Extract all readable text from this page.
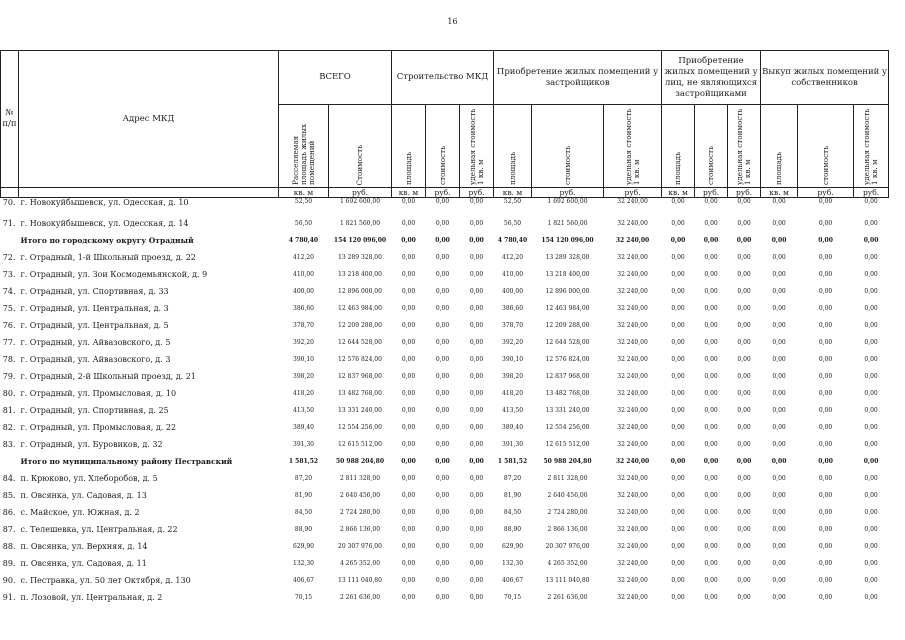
16
№
п/п	Адрес МКД	ВСЕГО		Строительство МКД			Приобретение жилых помещений у застройщиков			Приобретение жилых помещений у лиц, не являющихся застройщиками			Выкуп жилых помещений у собственников		

		Расселяемая площадь жилых помещений	Стоимость	площадь	стоимость	удельная стоимость 1 кв. м	площадь	стоимость	удельная стоимость 1 кв. м	площадь	стоимость	удельная стоимость 1 кв. м	площадь	стоимость	удельная стоимость 1 кв. м

		кв. м	руб.	кв. м	руб.	руб.	кв. м	руб.	руб.	кв. м	руб.	руб.	кв. м	руб.	руб.
70.	г. Новокуйбышевск, ул. Одесская, д. 10	52,50	1 692 600,00	0,00	0,00	0,00	52,50	1 692 600,00	32 240,00	0,00	0,00	0,00	0,00	0,00	0,00
71.	г. Новокуйбышевск, ул. Одесская, д. 14	56,50	1 821 560,00	0,00	0,00	0,00	56,50	1 821 560,00	32 240,00	0,00	0,00	0,00	0,00	0,00	0,00
	Итого по городскому округу Отрадный	4 780,40	154 120 096,00	0,00	0,00	0,00	4 780,40	154 120 096,00	32 240,00	0,00	0,00	0,00	0,00	0,00	0,00
72.	г. Отрадный, 1-й Школьный проезд, д. 22	412,20	13 289 328,00	0,00	0,00	0,00	412,20	13 289 328,00	32 240,00	0,00	0,00	0,00	0,00	0,00	0,00
73.	г. Отрадный, ул. Зои Космодемьянской, д. 9	410,00	13 218 400,00	0,00	0,00	0,00	410,00	13 218 400,00	32 240,00	0,00	0,00	0,00	0,00	0,00	0,00
74.	г. Отрадный, ул. Спортивная, д. 33	400,00	12 896 000,00	0,00	0,00	0,00	400,00	12 896 000,00	32 240,00	0,00	0,00	0,00	0,00	0,00	0,00
75.	г. Отрадный, ул. Центральная, д. 3	386,60	12 463 984,00	0,00	0,00	0,00	386,60	12 463 984,00	32 240,00	0,00	0,00	0,00	0,00	0,00	0,00
76.	г. Отрадный, ул. Центральная, д. 5	378,70	12 209 288,00	0,00	0,00	0,00	378,70	12 209 288,00	32 240,00	0,00	0,00	0,00	0,00	0,00	0,00
77.	г. Отрадный, ул. Айвазовского, д. 5	392,20	12 644 528,00	0,00	0,00	0,00	392,20	12 644 528,00	32 240,00	0,00	0,00	0,00	0,00	0,00	0,00
78.	г. Отрадный, ул. Айвазовского, д. 3	390,10	12 576 824,00	0,00	0,00	0,00	390,10	12 576 824,00	32 240,00	0,00	0,00	0,00	0,00	0,00	0,00
79.	г. Отрадный, 2-й Школьный проезд, д. 21	398,20	12 837 968,00	0,00	0,00	0,00	398,20	12 837 968,00	32 240,00	0,00	0,00	0,00	0,00	0,00	0,00
80.	г. Отрадный, ул. Промысловая, д. 10	418,20	13 482 768,00	0,00	0,00	0,00	418,20	13 482 768,00	32 240,00	0,00	0,00	0,00	0,00	0,00	0,00
81.	г. Отрадный, ул. Спортивная, д. 25	413,50	13 331 240,00	0,00	0,00	0,00	413,50	13 331 240,00	32 240,00	0,00	0,00	0,00	0,00	0,00	0,00
82.	г. Отрадный, ул. Промысловая, д. 22	389,40	12 554 256,00	0,00	0,00	0,00	389,40	12 554 256,00	32 240,00	0,00	0,00	0,00	0,00	0,00	0,00
83.	г. Отрадный, ул. Буровиков, д. 32	391,30	12 615 512,00	0,00	0,00	0,00	391,30	12 615 512,00	32 240,00	0,00	0,00	0,00	0,00	0,00	0,00
	Итого по муниципальному району Пестравский	1 581,52	50 988 204,80	0,00	0,00	0,00	1 581,52	50 988 204,80	32 240,00	0,00	0,00	0,00	0,00	0,00	0,00
84.	п. Крюково, ул. Хлеборобов, д. 5	87,20	2 811 328,00	0,00	0,00	0,00	87,20	2 811 328,00	32 240,00	0,00	0,00	0,00	0,00	0,00	0,00
85.	п. Овсянка, ул. Садовая, д. 13	81,90	2 640 456,00	0,00	0,00	0,00	81,90	2 640 456,00	32 240,00	0,00	0,00	0,00	0,00	0,00	0,00
86.	с. Майское, ул. Южная, д. 2	84,50	2 724 280,00	0,00	0,00	0,00	84,50	2 724 280,00	32 240,00	0,00	0,00	0,00	0,00	0,00	0,00
87.	с. Телешевка, ул. Центральная, д. 22	88,90	2 866 136,00	0,00	0,00	0,00	88,90	2 866 136,00	32 240,00	0,00	0,00	0,00	0,00	0,00	0,00
88.	п. Овсянка, ул. Верхняя, д. 14	629,90	20 307 976,00	0,00	0,00	0,00	629,90	20 307 976,00	32 240,00	0,00	0,00	0,00	0,00	0,00	0,00
89.	п. Овсянка, ул. Садовая, д. 11	132,30	4 265 352,00	0,00	0,00	0,00	132,30	4 265 352,00	32 240,00	0,00	0,00	0,00	0,00	0,00	0,00
90.	с. Пестравка, ул. 50 лет Октября, д. 130	406,67	13 111 040,80	0,00	0,00	0,00	406,67	13 111 040,80	32 240,00	0,00	0,00	0,00	0,00	0,00	0,00
91.	п. Лозовой, ул. Центральная, д. 2	70,15	2 261 636,00	0,00	0,00	0,00	70,15	2 261 636,00	32 240,00	0,00	0,00	0,00	0,00	0,00	0,00
